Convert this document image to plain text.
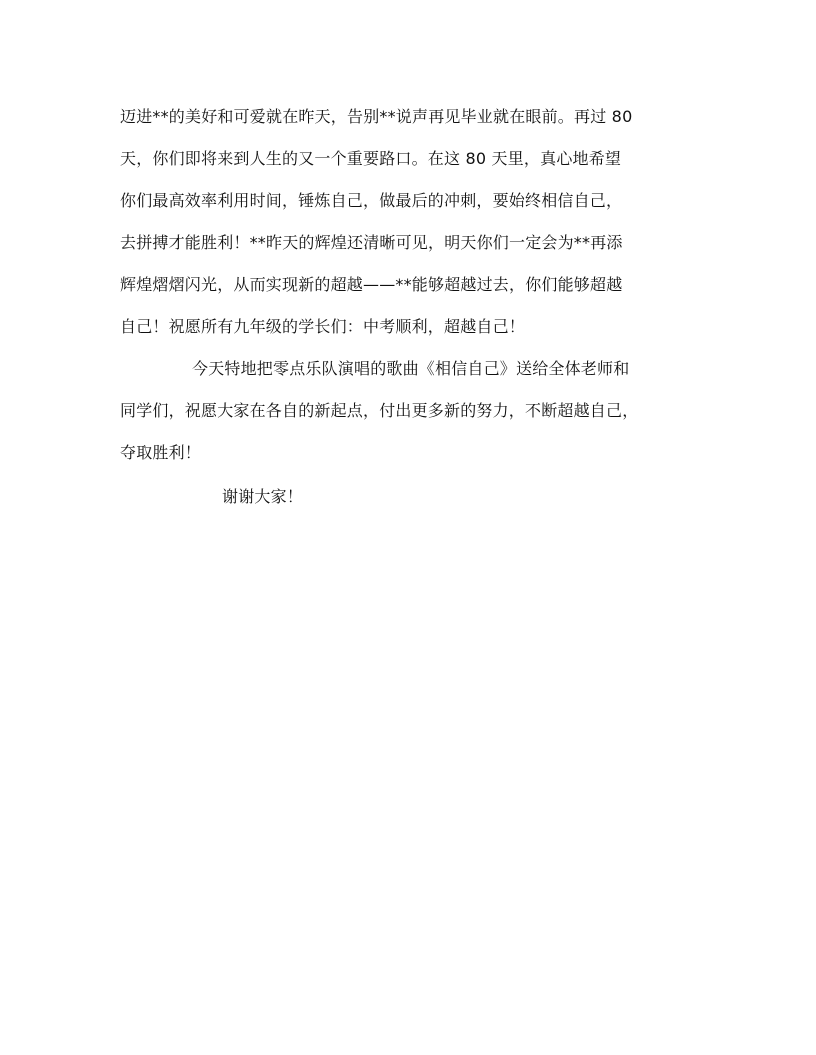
迈进**的美好和可爱就在昨天，告别**说声再见毕业就在眼前。再过 80
天，你们即将来到人生的又一个重要路口。在这 80 天里，真心地希望
你们最高效率利用时间，锤炼自己，做最后的冲刺，要始终相信自己，
去拼搏才能胜利！**昨天的辉煌还清晰可见，明天你们一定会为**再添
辉煌熠熠闪光，从而实现新的超越——**能够超越过去，你们能够超越
自己！祝愿所有九年级的学长们：中考顺利，超越自己！
今天特地把零点乐队演唱的歌曲《相信自己》送给全体老师和
同学们，祝愿大家在各自的新起点，付出更多新的努力，不断超越自己，
夺取胜利！
谢谢大家！
